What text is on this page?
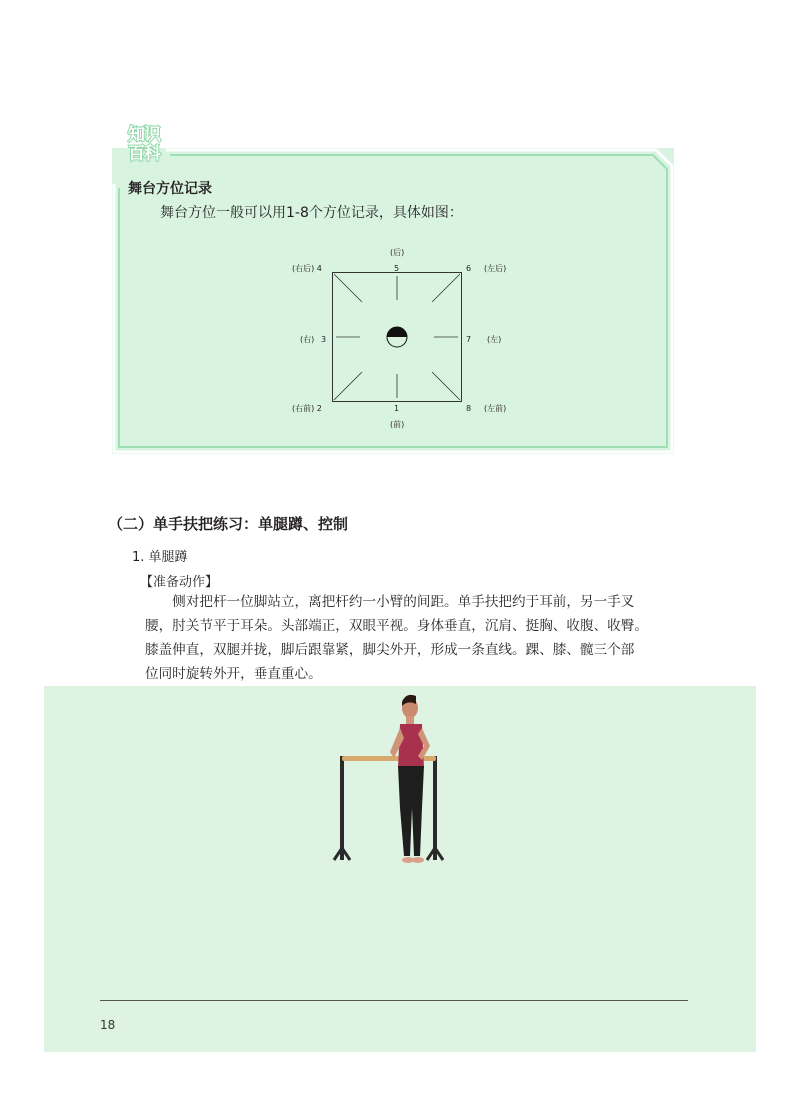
知识
百科
舞台方位记录
舞台方位一般可以用1-8个方位记录，具体如图：
(后)
5
(右后) 4	6 (左后)
(右) 3	7 (左)
(右前) 2	1	8 (左前)
(前)
（二）单手扶把练习：单腿蹲、控制
1. 单腿蹲
【准备动作】

　　侧对把杆一位脚站立，离把杆约一小臂的间距。单手扶把约于耳前，另一手叉

腰，肘关节平于耳朵。头部端正，双眼平视。身体垂直，沉肩、挺胸、收腹、收臀。

膝盖伸直，双腿并拢，脚后跟靠紧，脚尖外开，形成一条直线。踝、膝、髋三个部

位同时旋转外开，垂直重心。

18
